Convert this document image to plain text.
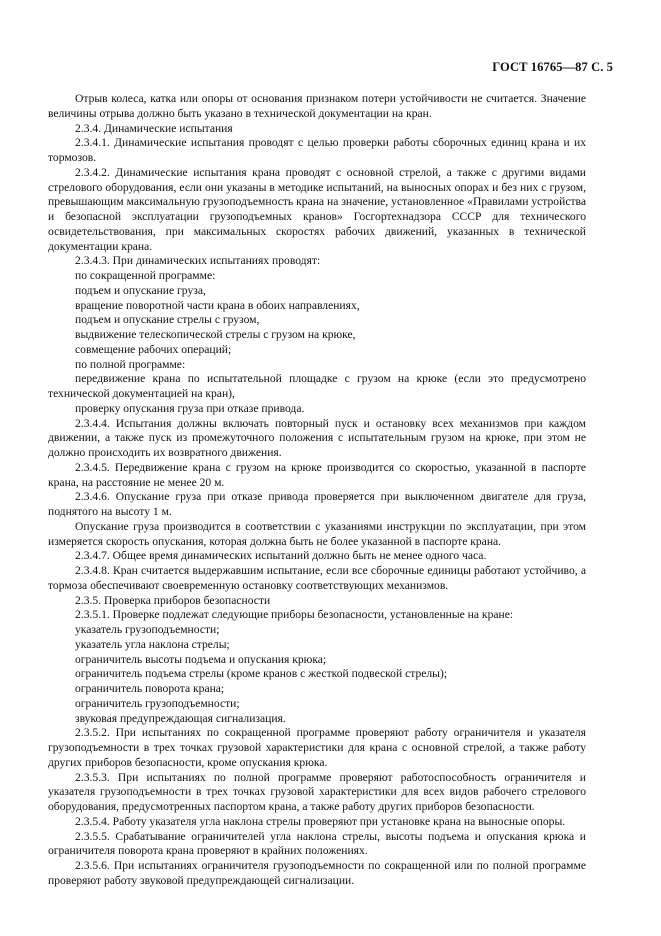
ГОСТ 16765—87 С. 5

Отрыв колеса, катка или опоры от основания признаком потери устойчивости не считается. Значение величины отрыва должно быть указано в технической документации на кран.

2.3.4. Динамические испытания

2.3.4.1. Динамические испытания проводят с целью проверки работы сборочных единиц крана и их тормозов.

2.3.4.2. Динамические испытания крана проводят с основной стрелой, а также с другими видами стрелового оборудования, если они указаны в методике испытаний, на выносных опорах и без них с грузом, превышающим максимальную грузоподъемность крана на значение, установленное «Правилами устройства и безопасной эксплуатации грузоподъемных кранов» Госгортехнадзора СССР для технического освидетельствования, при максимальных скоростях рабочих движений, указанных в технической документации крана.

2.3.4.3. При динамических испытаниях проводят:

по сокращенной программе:

подъем и опускание груза,

вращение поворотной части крана в обоих направлениях,

подъем и опускание стрелы с грузом,

выдвижение телескопической стрелы с грузом на крюке,

совмещение рабочих операций;

по полной программе:

передвижение крана по испытательной площадке с грузом на крюке (если это предусмотрено технической документацией на кран),

проверку опускания груза при отказе привода.

2.3.4.4. Испытания должны включать повторный пуск и остановку всех механизмов при каждом движении, а также пуск из промежуточного положения с испытательным грузом на крюке, при этом не должно происходить их возвратного движения.

2.3.4.5. Передвижение крана с грузом на крюке производится со скоростью, указанной в паспорте крана, на расстояние не менее 20 м.

2.3.4.6. Опускание груза при отказе привода проверяется при выключенном двигателе для груза, поднятого на высоту 1 м.

Опускание груза производится в соответствии с указаниями инструкции по эксплуатации, при этом измеряется скорость опускания, которая должна быть не более указанной в паспорте крана.

2.3.4.7. Общее время динамических испытаний должно быть не менее одного часа.

2.3.4.8. Кран считается выдержавшим испытание, если все сборочные единицы работают устойчиво, а тормоза обеспечивают своевременную остановку соответствующих механизмов.

2.3.5. Проверка приборов безопасности

2.3.5.1. Проверке подлежат следующие приборы безопасности, установленные на кране:

указатель грузоподъемности;

указатель угла наклона стрелы;

ограничитель высоты подъема и опускания крюка;

ограничитель подъема стрелы (кроме кранов с жесткой подвеской стрелы);

ограничитель поворота крана;

ограничитель грузоподъемности;

звуковая предупреждающая сигнализация.

2.3.5.2. При испытаниях по сокращенной программе проверяют работу ограничителя и указателя грузоподъемности в трех точках грузовой характеристики для крана с основной стрелой, а также работу других приборов безопасности, кроме опускания крюка.

2.3.5.3. При испытаниях по полной программе проверяют работоспособность ограничителя и указателя грузоподъемности в трех точках грузовой характеристики для всех видов рабочего стрелового оборудования, предусмотренных паспортом крана, а также работу других приборов безопасности.

2.3.5.4. Работу указателя угла наклона стрелы проверяют при установке крана на выносные опоры.

2.3.5.5. Срабатывание ограничителей угла наклона стрелы, высоты подъема и опускания крюка и ограничителя поворота крана проверяют в крайних положениях.

2.3.5.6. При испытаниях ограничителя грузоподъемности по сокращенной или по полной программе проверяют работу звуковой предупреждающей сигнализации.
